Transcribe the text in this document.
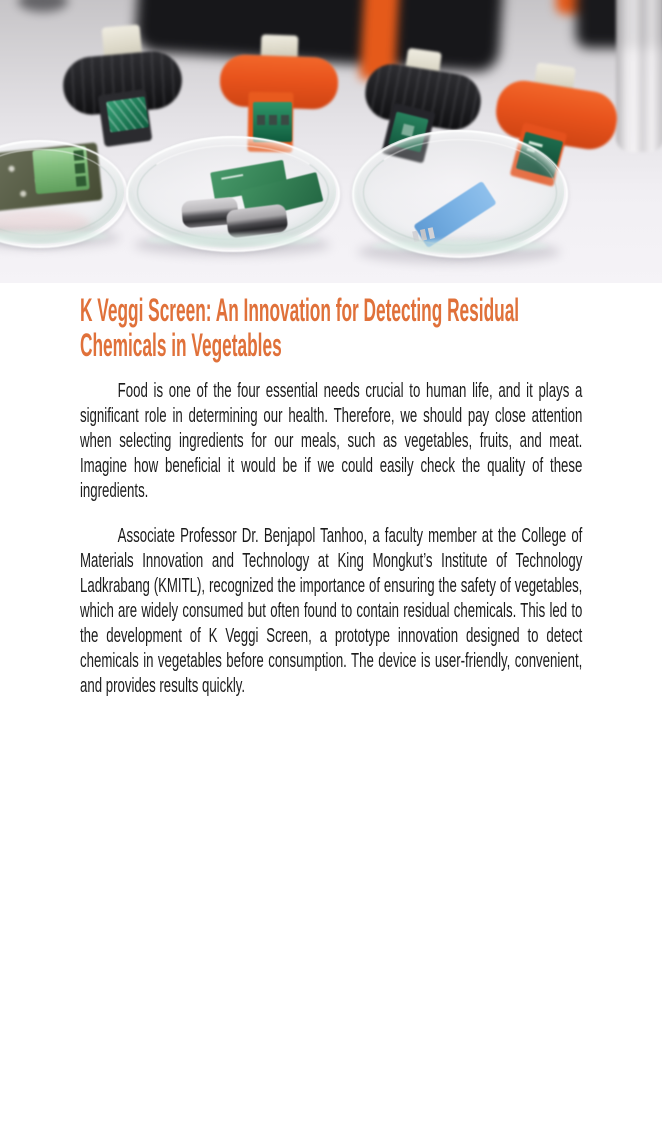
K Veggi Screen: An Innovation for Detecting Residual
Chemicals in Vegetables

Food is one of the four essential needs crucial to human life, and it plays a significant role in determining our health. Therefore, we should pay close attention when selecting ingredients for our meals, such as vegetables, fruits, and meat. Imagine how beneficial it would be if we could easily check the quality of these ingredients.

Associate Professor Dr. Benjapol Tanhoo, a faculty member at the College of Materials Innovation and Technology at King Mongkut’s Institute of Technology Ladkrabang (KMITL), recognized the importance of ensuring the safety of vegetables, which are widely consumed but often found to contain residual chemicals. This led to the development of K Veggi Screen, a prototype innovation designed to detect chemicals in vegetables before consumption. The device is user-friendly, convenient, and provides results quickly.
